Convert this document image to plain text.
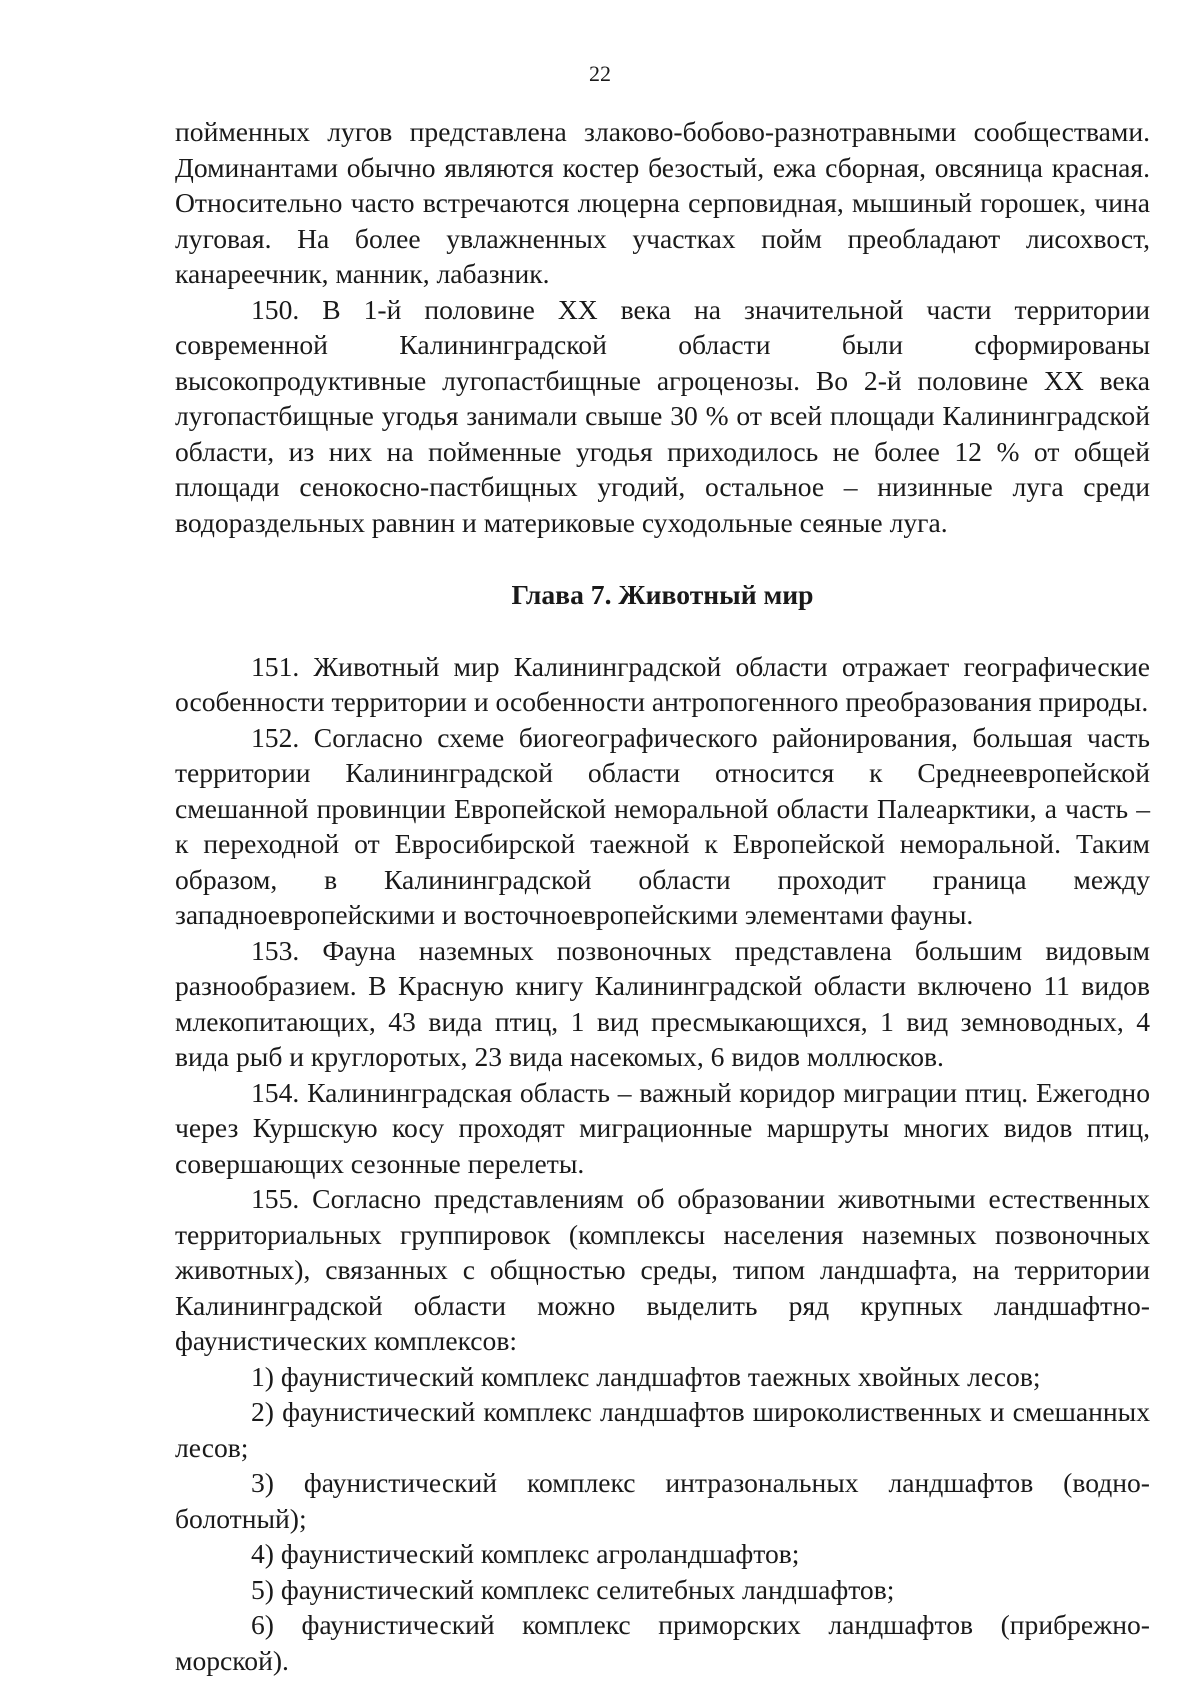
22

пойменных лугов представлена злаково-бобово-разнотравными сообществами. Доминантами обычно являются костер безостый, ежа сборная, овсяница красная. Относительно часто встречаются люцерна серповидная, мышиный горошек, чина луговая. На более увлажненных участках пойм преобладают лисохвост, канареечник, манник, лабазник.

150. В 1-й половине XX века на значительной части территории современной Калининградской области были сформированы высокопродуктивные лугопастбищные агроценозы. Во 2-й половине XX века лугопастбищные угодья занимали свыше 30 % от всей площади Калининградской области, из них на пойменные угодья приходилось не более 12 % от общей площади сенокосно-пастбищных угодий, остальное – низинные луга среди водораздельных равнин и материковые суходольные сеяные луга.

Глава 7. Животный мир

151. Животный мир Калининградской области отражает географические особенности территории и особенности антропогенного преобразования природы.

152. Согласно схеме биогеографического районирования, большая часть территории Калининградской области относится к Среднеевропейской смешанной провинции Европейской неморальной области Палеарктики, а часть – к переходной от Евросибирской таежной к Европейской неморальной. Таким образом, в Калининградской области проходит граница между западноевропейскими и восточноевропейскими элементами фауны.

153. Фауна наземных позвоночных представлена большим видовым разнообразием. В Красную книгу Калининградской области включено 11 видов млекопитающих, 43 вида птиц, 1 вид пресмыкающихся, 1 вид земноводных, 4 вида рыб и круглоротых, 23 вида насекомых, 6 видов моллюсков.

154. Калининградская область – важный коридор миграции птиц. Ежегодно через Куршскую косу проходят миграционные маршруты многих видов птиц, совершающих сезонные перелеты.

155. Согласно представлениям об образовании животными естественных территориальных группировок (комплексы населения наземных позвоночных животных), связанных с общностью среды, типом ландшафта, на территории Калининградской области можно выделить ряд крупных ландшафтно-фаунистических комплексов:

1) фаунистический комплекс ландшафтов таежных хвойных лесов;

2) фаунистический комплекс ландшафтов широколиственных и смешанных лесов;

3) фаунистический комплекс интразональных ландшафтов (водно-болотный);

4) фаунистический комплекс агроландшафтов;

5) фаунистический комплекс селитебных ландшафтов;

6) фаунистический комплекс приморских ландшафтов (прибрежно-морской).
